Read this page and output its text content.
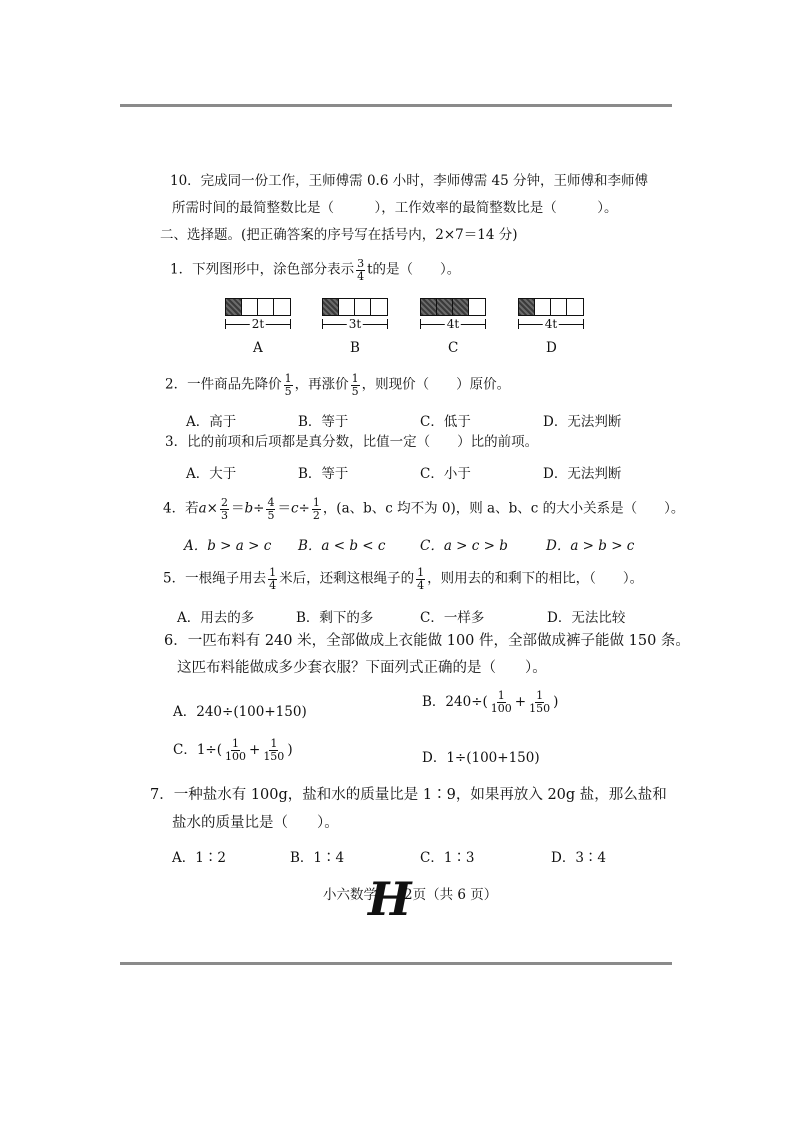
10．完成同一份工作，王师傅需 0.6 小时，李师傅需 45 分钟，王师傅和李师傅
所需时间的最简整数比是（　　　），工作效率的最简整数比是（　　　）。
二、选择题。(把正确答案的序号写在括号内，2×7＝14 分)
1．下列图形中，涂色部分表示 $\frac{3}{4}$ t的是（　　）。
2t
A
3t
B
4t
C
4t
D
2．一件商品先降价 $\frac{1}{5}$ ，再涨价 $\frac{1}{5}$ ，则现价（　　）原价。
A．高于	B．等于	C．低于	D．无法判断
3．比的前项和后项都是真分数，比值一定（　　）比的前项。
A．大于	B．等于	C．小于	D．无法判断
4．若$a\times \frac{2}{3} =b\div \frac{4}{5} =c\div \frac{1}{2}$ ，(a、b、c 均不为 0)，则 a、b、c 的大小关系是（　　）。
A．b > a > c B．a < b < c	C．a > c > b	D．a > b > c
5．一根绳子用去 $\frac{1}{4}$ 米后，还剩这根绳子的 $\frac{1}{4}$ ，则用去的和剩下的相比，（　　）。
A．用去的多	B．剩下的多	C．一样多	D．无法比较
6．一匹布料有 240 米，全部做成上衣能做 100 件，全部做成裤子能做 150 条。
这匹布料能做成多少套衣服？下面列式正确的是（　　）。
A．240÷(100+150)
B．$240\div( \frac{1}{100} + \frac{1}{150}$ )
C．$1\div( \frac{1}{100} + \frac{1}{150}$ )	D．1÷(100+150)
7．一种盐水有 100g，盐和水的质量比是 1∶9，如果再放入 20g 盐，那么盐和
盐水的质量比是（　　）。
A．1∶2	B．1∶4	C．1∶3	D．3∶4
小六数学
H
2页（共 6 页）
